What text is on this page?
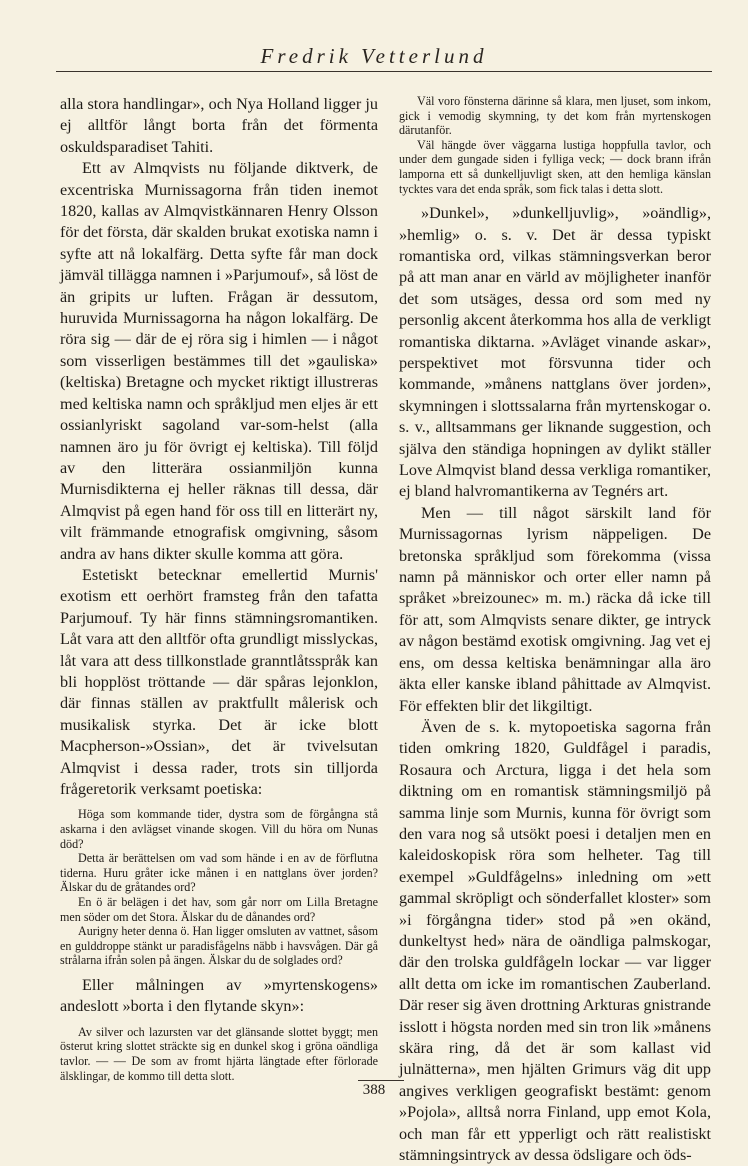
Fredrik Vetterlund

alla stora handlingar», och Nya Holland ligger ju ej alltför långt borta från det förmenta oskuldsparadiset Tahiti.

Ett av Almqvists nu följande diktverk, de excentriska Murnissagorna från tiden inemot 1820, kallas av Almqvistkännaren Henry Olsson för det första, där skalden brukat exotiska namn i syfte att nå lokalfärg. Detta syfte får man dock jämväl tillägga namnen i »Parjumouf», så löst de än gripits ur luften. Frågan är dessutom, huruvida Murnissagorna ha någon lokalfärg. De röra sig — där de ej röra sig i himlen — i något som visserligen bestämmes till det »gauliska» (keltiska) Bretagne och mycket riktigt illustreras med keltiska namn och språkljud men eljes är ett ossianlyriskt sagoland var-som-helst (alla namnen äro ju för övrigt ej keltiska). Till följd av den litterära ossianmiljön kunna Murnisdikterna ej heller räknas till dessa, där Almqvist på egen hand för oss till en litterärt ny, vilt främmande etnografisk omgivning, såsom andra av hans dikter skulle komma att göra.

Estetiskt betecknar emellertid Murnis' exotism ett oerhört framsteg från den tafatta Parjumouf. Ty här finns stämningsromantiken. Låt vara att den alltför ofta grundligt misslyckas, låt vara att dess tillkonstlade granntlåtsspråk kan bli hopplöst tröttande — där spåras lejonklon, där finnas ställen av praktfullt målerisk och musikalisk styrka. Det är icke blott Macpherson-»Ossian», det är tvivelsutan Almqvist i dessa rader, trots sin tilljorda frågeretorik verksamt poetiska:

Höga som kommande tider, dystra som de förgångna stå askarna i den avlägset vinande skogen. Vill du höra om Nunas död?

Detta är berättelsen om vad som hände i en av de förflutna tiderna. Huru gråter icke månen i en nattglans över jorden? Älskar du de gråtandes ord?

En ö är belägen i det hav, som går norr om Lilla Bretagne men söder om det Stora. Älskar du de dånandes ord?

Aurigny heter denna ö. Han ligger omsluten av vattnet, såsom en gulddroppe stänkt ur paradisfågelns näbb i havsvågen. Där gå strålarna ifrån solen på ängen. Älskar du de solglades ord?

Eller målningen av »myrtenskogens» andeslott »borta i den flytande skyn»:

Av silver och lazursten var det glänsande slottet byggt; men österut kring slottet sträckte sig en dunkel skog i gröna oändliga tavlor. — — De som av fromt hjärta längtade efter förlorade älsklingar, de kommo till detta slott.

Väl voro fönsterna därinne så klara, men ljuset, som inkom, gick i vemodig skymning, ty det kom från myrtenskogen därutanför.

Väl hängde över väggarna lustiga hoppfulla tavlor, och under dem gungade siden i fylliga veck; — dock brann ifrån lamporna ett så dunkelljuvligt sken, att den hemliga känslan tycktes vara det enda språk, som fick talas i detta slott.

»Dunkel», »dunkelljuvlig», »oändlig», »hemlig» o. s. v. Det är dessa typiskt romantiska ord, vilkas stämningsverkan beror på att man anar en värld av möjligheter inanför det som utsäges, dessa ord som med ny personlig akcent återkomma hos alla de verkligt romantiska diktarna. »Avläget vinande askar», perspektivet mot försvunna tider och kommande, »månens nattglans över jorden», skymningen i slottssalarna från myrtenskogar o. s. v., alltsammans ger liknande suggestion, och själva den ständiga hopningen av dylikt ställer Love Almqvist bland dessa verkliga romantiker, ej bland halvromantikerna av Tegnérs art.

Men — till något särskilt land för Murnissagornas lyrism näppeligen. De bretonska språkljud som förekomma (vissa namn på människor och orter eller namn på språket »breizounec» m. m.) räcka då icke till för att, som Almqvists senare dikter, ge intryck av någon bestämd exotisk omgivning. Jag vet ej ens, om dessa keltiska benämningar alla äro äkta eller kanske ibland påhittade av Almqvist. För effekten blir det likgiltigt.

Även de s. k. mytopoetiska sagorna från tiden omkring 1820, Guldfågel i paradis, Rosaura och Arcturа, ligga i det hela som diktning om en romantisk stämningsmiljö på samma linje som Murnis, kunna för övrigt som den vara nog så utsökt poesi i detaljen men en kaleidoskopisk röra som helheter. Tag till exempel »Guldfågelns» inledning om »ett gammal skröpligt och sönderfallet kloster» som »i förgångna tider» stod på »en okänd, dunkeltyst hed» nära de oändliga palmskogar, där den trolska guldfågeln lockar — var ligger allt detta om icke im romantischen Zauberland. Där reser sig även drottning Arkturas gnistrande isslott i högsta norden med sin tron lik »månens skära ring, då det är som kallast vid julnätterna», men hjälten Grimurs väg dit upp angives verkligen geografiskt bestämt: genom »Pojola», alltså norra Finland, upp emot Kola, och man får ett ypperligt och rätt realistiskt stämningsintryck av dessa ödsligare och öds-

388
